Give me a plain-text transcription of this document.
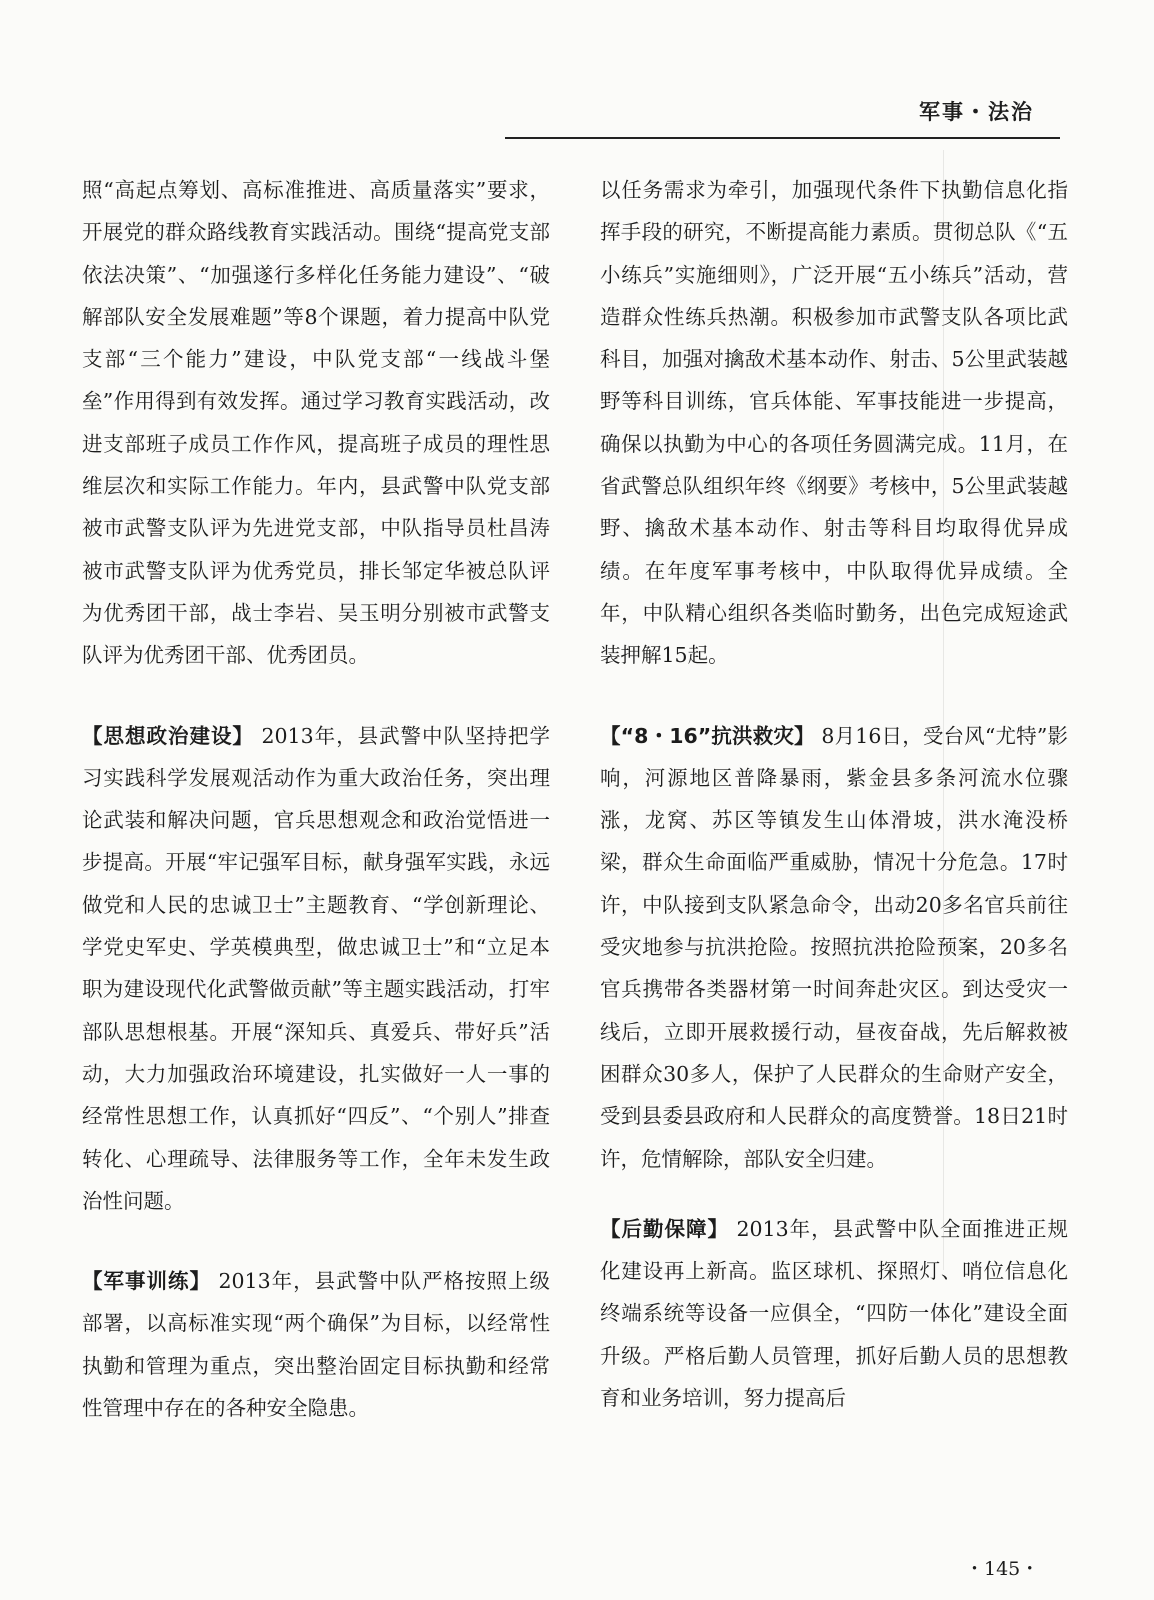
军事・法治

照“高起点筹划、高标准推进、高质量落实”要求，开展党的群众路线教育实践活动。围绕“提高党支部依法决策”、“加强遂行多样化任务能力建设”、“破解部队安全发展难题”等8个课题，着力提高中队党支部“三个能力”建设，中队党支部“一线战斗堡垒”作用得到有效发挥。通过学习教育实践活动，改进支部班子成员工作作风，提高班子成员的理性思维层次和实际工作能力。年内，县武警中队党支部被市武警支队评为先进党支部，中队指导员杜昌涛被市武警支队评为优秀党员，排长邹定华被总队评为优秀团干部，战士李岩、吴玉明分别被市武警支队评为优秀团干部、优秀团员。

【思想政治建设】 2013年，县武警中队坚持把学习实践科学发展观活动作为重大政治任务，突出理论武装和解决问题，官兵思想观念和政治觉悟进一步提高。开展“牢记强军目标，献身强军实践，永远做党和人民的忠诚卫士”主题教育、“学创新理论、学党史军史、学英模典型，做忠诚卫士”和“立足本职为建设现代化武警做贡献”等主题实践活动，打牢部队思想根基。开展“深知兵、真爱兵、带好兵”活动，大力加强政治环境建设，扎实做好一人一事的经常性思想工作，认真抓好“四反”、“个别人”排查转化、心理疏导、法律服务等工作，全年未发生政治性问题。

【军事训练】 2013年，县武警中队严格按照上级部署，以高标准实现“两个确保”为目标，以经常性执勤和管理为重点，突出整治固定目标执勤和经常性管理中存在的各种安全隐患。

以任务需求为牵引，加强现代条件下执勤信息化指挥手段的研究，不断提高能力素质。贯彻总队《“五小练兵”实施细则》，广泛开展“五小练兵”活动，营造群众性练兵热潮。积极参加市武警支队各项比武科目，加强对擒敌术基本动作、射击、5公里武装越野等科目训练，官兵体能、军事技能进一步提高，确保以执勤为中心的各项任务圆满完成。11月，在省武警总队组织年终《纲要》考核中，5公里武装越野、擒敌术基本动作、射击等科目均取得优异成绩。在年度军事考核中，中队取得优异成绩。全年，中队精心组织各类临时勤务，出色完成短途武装押解15起。

【“8・16”抗洪救灾】 8月16日，受台风“尤特”影响，河源地区普降暴雨，紫金县多条河流水位骤涨，龙窝、苏区等镇发生山体滑坡，洪水淹没桥梁，群众生命面临严重威胁，情况十分危急。17时许，中队接到支队紧急命令，出动20多名官兵前往受灾地参与抗洪抢险。按照抗洪抢险预案，20多名官兵携带各类器材第一时间奔赴灾区。到达受灾一线后，立即开展救援行动，昼夜奋战，先后解救被困群众30多人，保护了人民群众的生命财产安全，受到县委县政府和人民群众的高度赞誉。18日21时许，危情解除，部队安全归建。

【后勤保障】 2013年，县武警中队全面推进正规化建设再上新高。监区球机、探照灯、哨位信息化终端系统等设备一应俱全，“四防一体化”建设全面升级。严格后勤人员管理，抓好后勤人员的思想教育和业务培训，努力提高后

・145・
